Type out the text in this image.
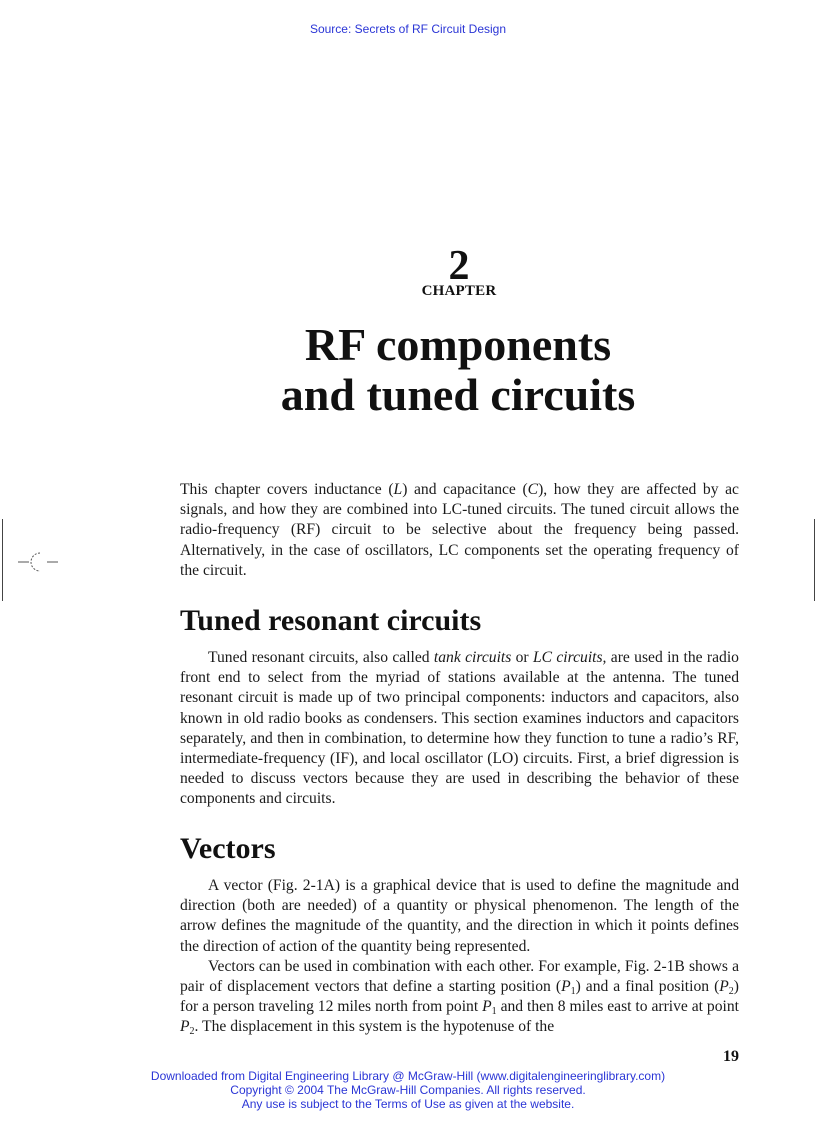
Source: Secrets of RF Circuit Design
2
CHAPTER
RF components
and tuned circuits

This chapter covers inductance (L) and capacitance (C), how they are affected by ac signals, and how they are combined into LC-tuned circuits. The tuned circuit allows the radio-frequency (RF) circuit to be selective about the frequency being passed. Alternatively, in the case of oscillators, LC components set the operating frequency of the circuit.

Tuned resonant circuits

Tuned resonant circuits, also called tank circuits or LC circuits, are used in the radio front end to select from the myriad of stations available at the antenna. The tuned resonant circuit is made up of two principal components: inductors and capacitors, also known in old radio books as condensers. This section examines inductors and capacitors separately, and then in combination, to determine how they function to tune a radio’s RF, intermediate-frequency (IF), and local oscillator (LO) circuits. First, a brief digression is needed to discuss vectors because they are used in describing the behavior of these components and circuits.

Vectors

A vector (Fig. 2-1A) is a graphical device that is used to define the magnitude and direction (both are needed) of a quantity or physical phenomenon. The length of the arrow defines the magnitude of the quantity, and the direction in which it points defines the direction of action of the quantity being represented.

Vectors can be used in combination with each other. For example, Fig. 2-1B shows a pair of displacement vectors that define a starting position $(P_1)$ and a final position $(P_2)$ for a person traveling 12 miles north from point $P_1$ and then 8 miles east to arrive at point $P_2$. The displacement in this system is the hypotenuse of the

19
Downloaded from Digital Engineering Library @ McGraw-Hill (www.digitalengineeringlibrary.com)
Copyright © 2004 The McGraw-Hill Companies. All rights reserved.
Any use is subject to the Terms of Use as given at the website.
